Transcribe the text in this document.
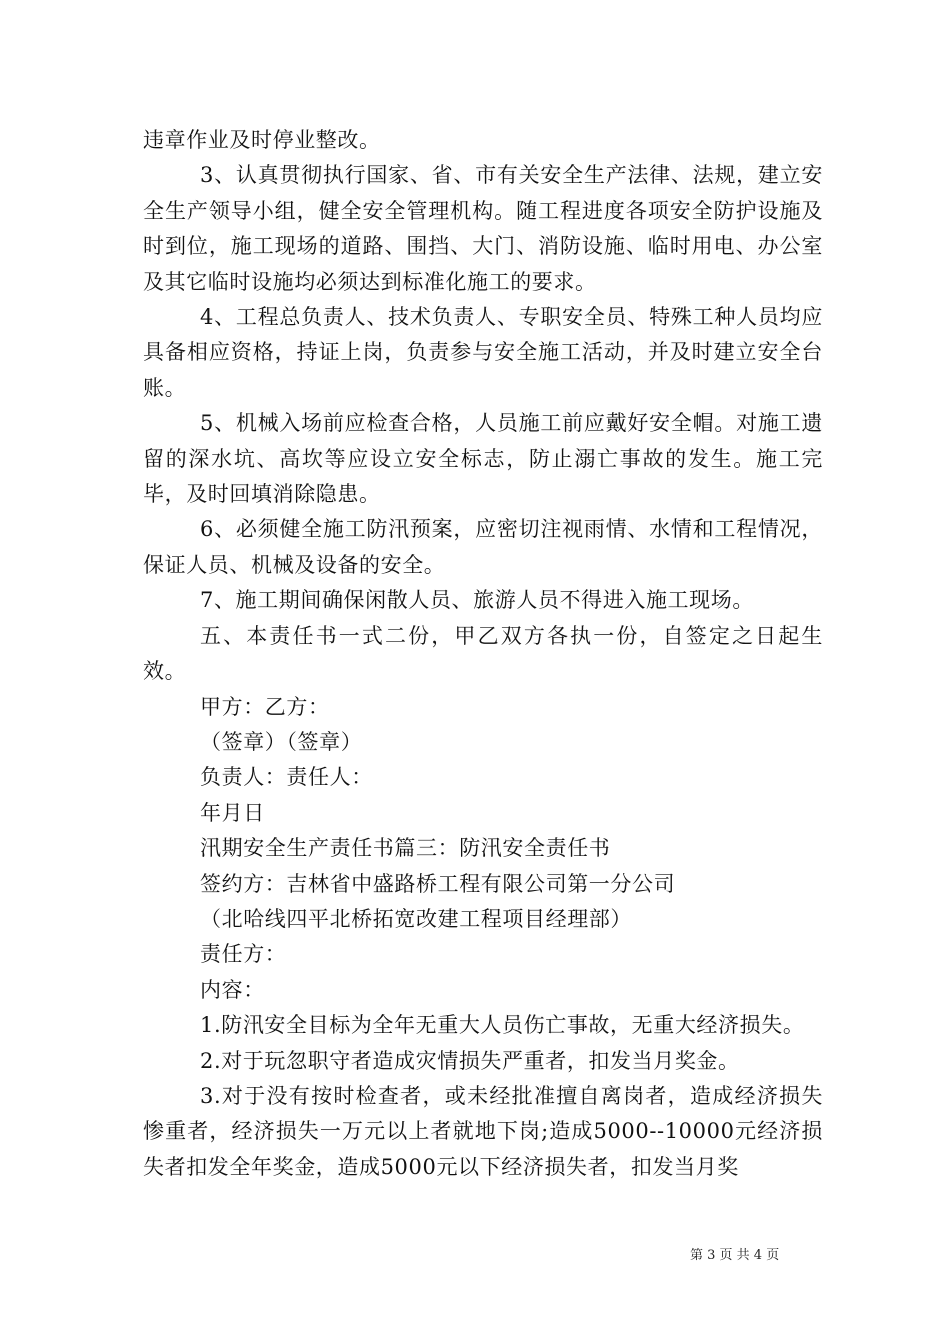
违章作业及时停业整改。

3、认真贯彻执行国家、省、市有关安全生产法律、法规，建立安全生产领导小组，健全安全管理机构。随工程进度各项安全防护设施及时到位，施工现场的道路、围挡、大门、消防设施、临时用电、办公室及其它临时设施均必须达到标准化施工的要求。

4、工程总负责人、技术负责人、专职安全员、特殊工种人员均应具备相应资格，持证上岗，负责参与安全施工活动，并及时建立安全台账。

5、机械入场前应检查合格，人员施工前应戴好安全帽。对施工遗留的深水坑、高坎等应设立安全标志，防止溺亡事故的发生。施工完毕，及时回填消除隐患。

6、必须健全施工防汛预案，应密切注视雨情、水情和工程情况，保证人员、机械及设备的安全。

7、施工期间确保闲散人员、旅游人员不得进入施工现场。

五、本责任书一式二份，甲乙双方各执一份，自签定之日起生效。

甲方：乙方：

（签章）（签章）

负责人：责任人：

年月日

汛期安全生产责任书篇三：防汛安全责任书

签约方：吉林省中盛路桥工程有限公司第一分公司

（北哈线四平北桥拓宽改建工程项目经理部）

责任方：

内容：

1.防汛安全目标为全年无重大人员伤亡事故，无重大经济损失。

2.对于玩忽职守者造成灾情损失严重者，扣发当月奖金。

3.对于没有按时检查者，或未经批准擅自离岗者，造成经济损失惨重者，经济损失一万元以上者就地下岗;造成5000--10000元经济损失者扣发全年奖金，造成5000元以下经济损失者，扣发当月奖

第 3 页 共 4 页
